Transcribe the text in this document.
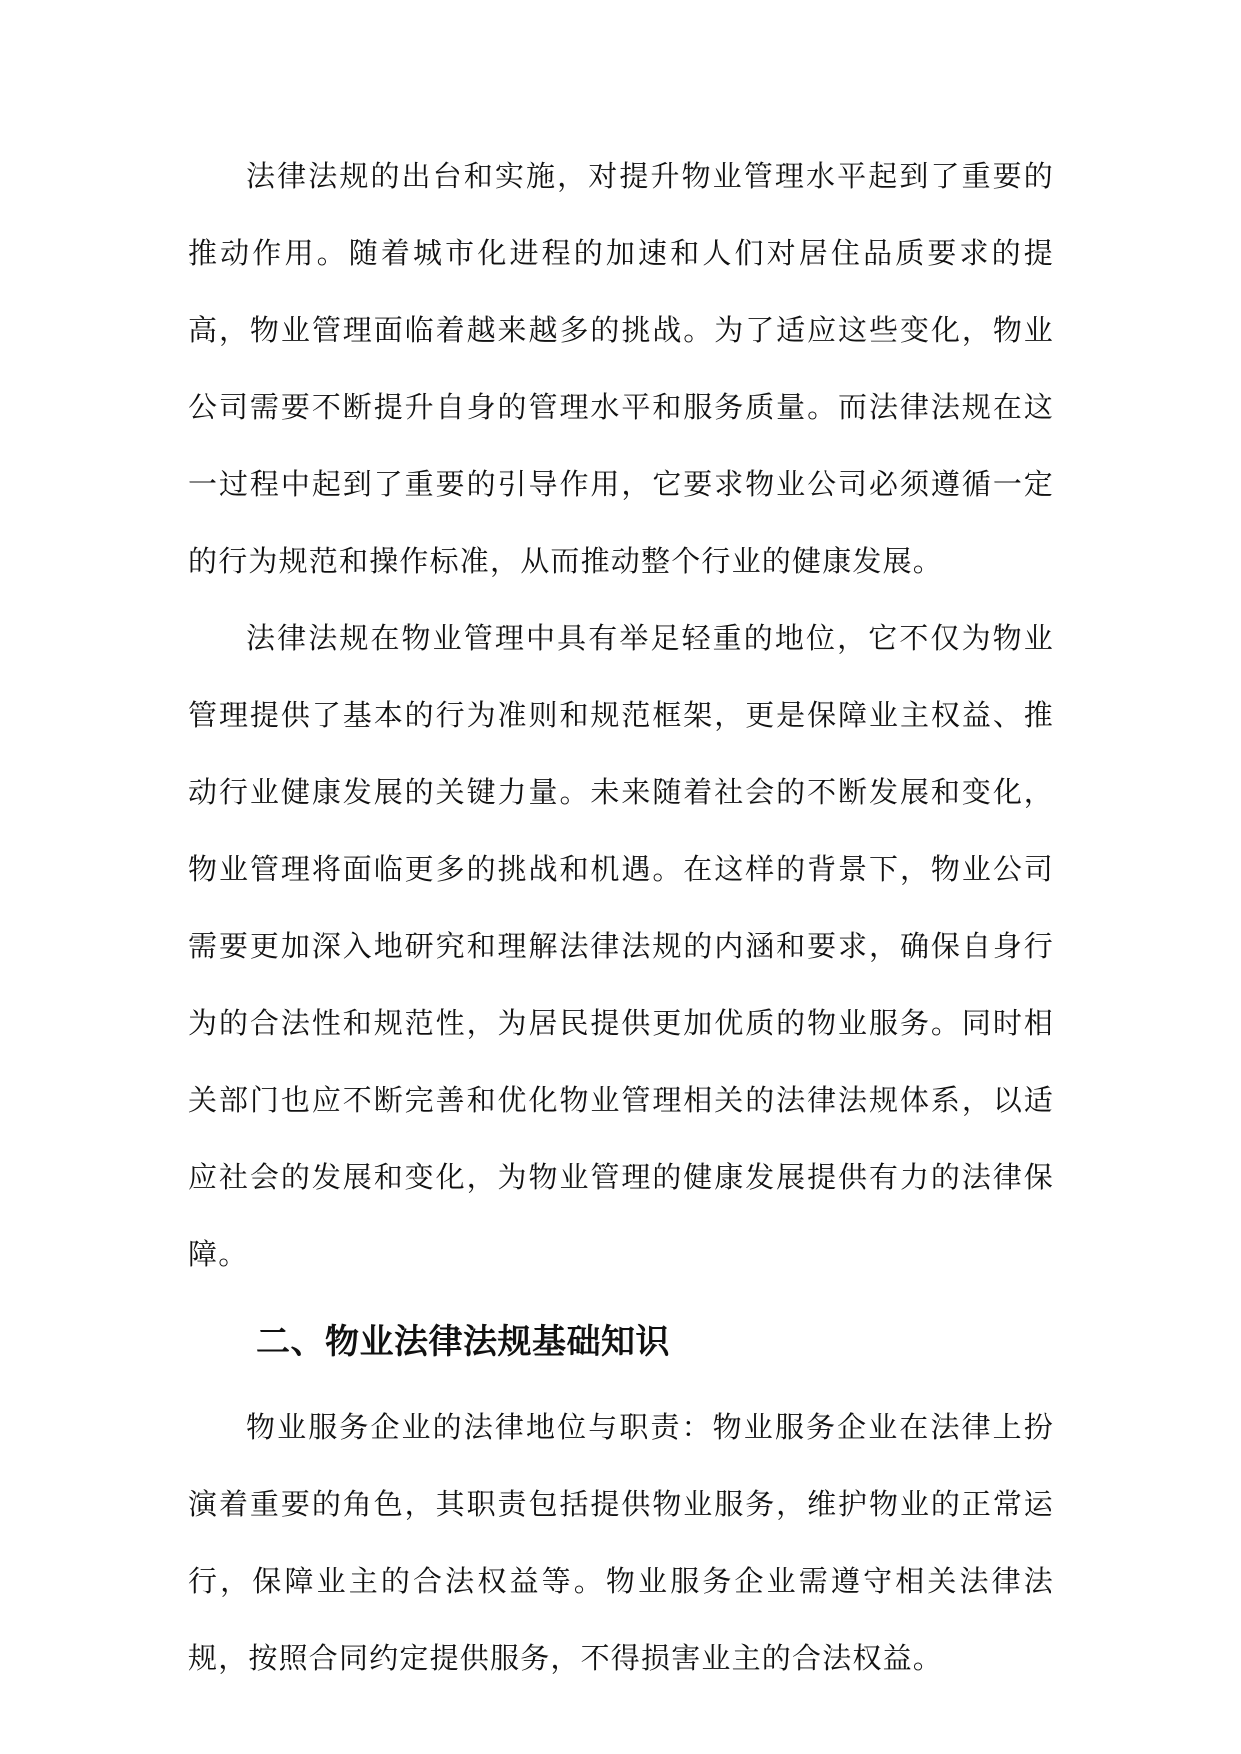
法律法规的出台和实施，对提升物业管理水平起到了重要的推动作用。随着城市化进程的加速和人们对居住品质要求的提高，物业管理面临着越来越多的挑战。为了适应这些变化，物业公司需要不断提升自身的管理水平和服务质量。而法律法规在这一过程中起到了重要的引导作用，它要求物业公司必须遵循一定的行为规范和操作标准，从而推动整个行业的健康发展。

法律法规在物业管理中具有举足轻重的地位，它不仅为物业管理提供了基本的行为准则和规范框架，更是保障业主权益、推动行业健康发展的关键力量。未来随着社会的不断发展和变化，物业管理将面临更多的挑战和机遇。在这样的背景下，物业公司需要更加深入地研究和理解法律法规的内涵和要求，确保自身行为的合法性和规范性，为居民提供更加优质的物业服务。同时相关部门也应不断完善和优化物业管理相关的法律法规体系，以适应社会的发展和变化，为物业管理的健康发展提供有力的法律保障。

二、物业法律法规基础知识

物业服务企业的法律地位与职责：物业服务企业在法律上扮演着重要的角色，其职责包括提供物业服务，维护物业的正常运行，保障业主的合法权益等。物业服务企业需遵守相关法律法规，按照合同约定提供服务，不得损害业主的合法权益。
